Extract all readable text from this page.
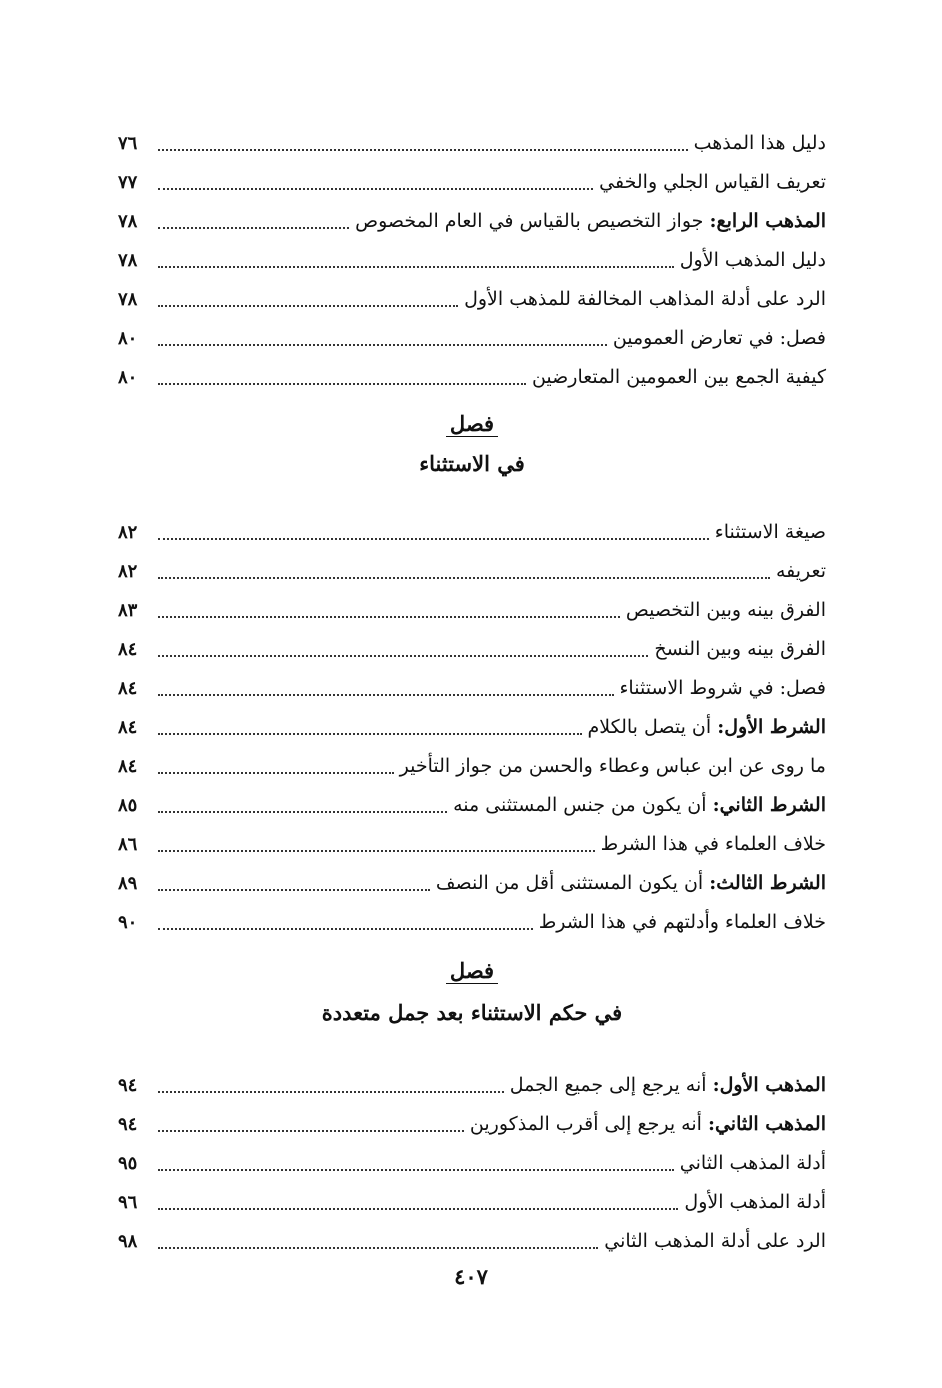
دليل هذا المذهب
٧٦
تعريف القياس الجلي والخفي
٧٧
المذهب الرابع: جواز التخصيص بالقياس في العام المخصوص
٧٨
دليل المذهب الأول
٧٨
الرد على أدلة المذاهب المخالفة للمذهب الأول
٧٨
فصل: في تعارض العمومين
٨٠
كيفية الجمع بين العمومين المتعارضين
٨٠
فصل
في الاستثناء
صيغة الاستثناء
٨٢
تعريفه
٨٢
الفرق بينه وبين التخصيص
٨٣
الفرق بينه وبين النسخ
٨٤
فصل: في شروط الاستثناء
٨٤
الشرط الأول: أن يتصل بالكلام
٨٤
ما روى عن ابن عباس وعطاء والحسن من جواز التأخير
٨٤
الشرط الثاني: أن يكون من جنس المستثنى منه
٨٥
خلاف العلماء في هذا الشرط
٨٦
الشرط الثالث: أن يكون المستثنى أقل من النصف
٨٩
خلاف العلماء وأدلتهم في هذا الشرط
٩٠
فصل
في حكم الاستثناء بعد جمل متعددة
المذهب الأول: أنه يرجع إلى جميع الجمل
٩٤
المذهب الثاني: أنه يرجع إلى أقرب المذكورين
٩٤
أدلة المذهب الثاني
٩٥
أدلة المذهب الأول
٩٦
الرد على أدلة المذهب الثاني
٩٨
٤٠٧
